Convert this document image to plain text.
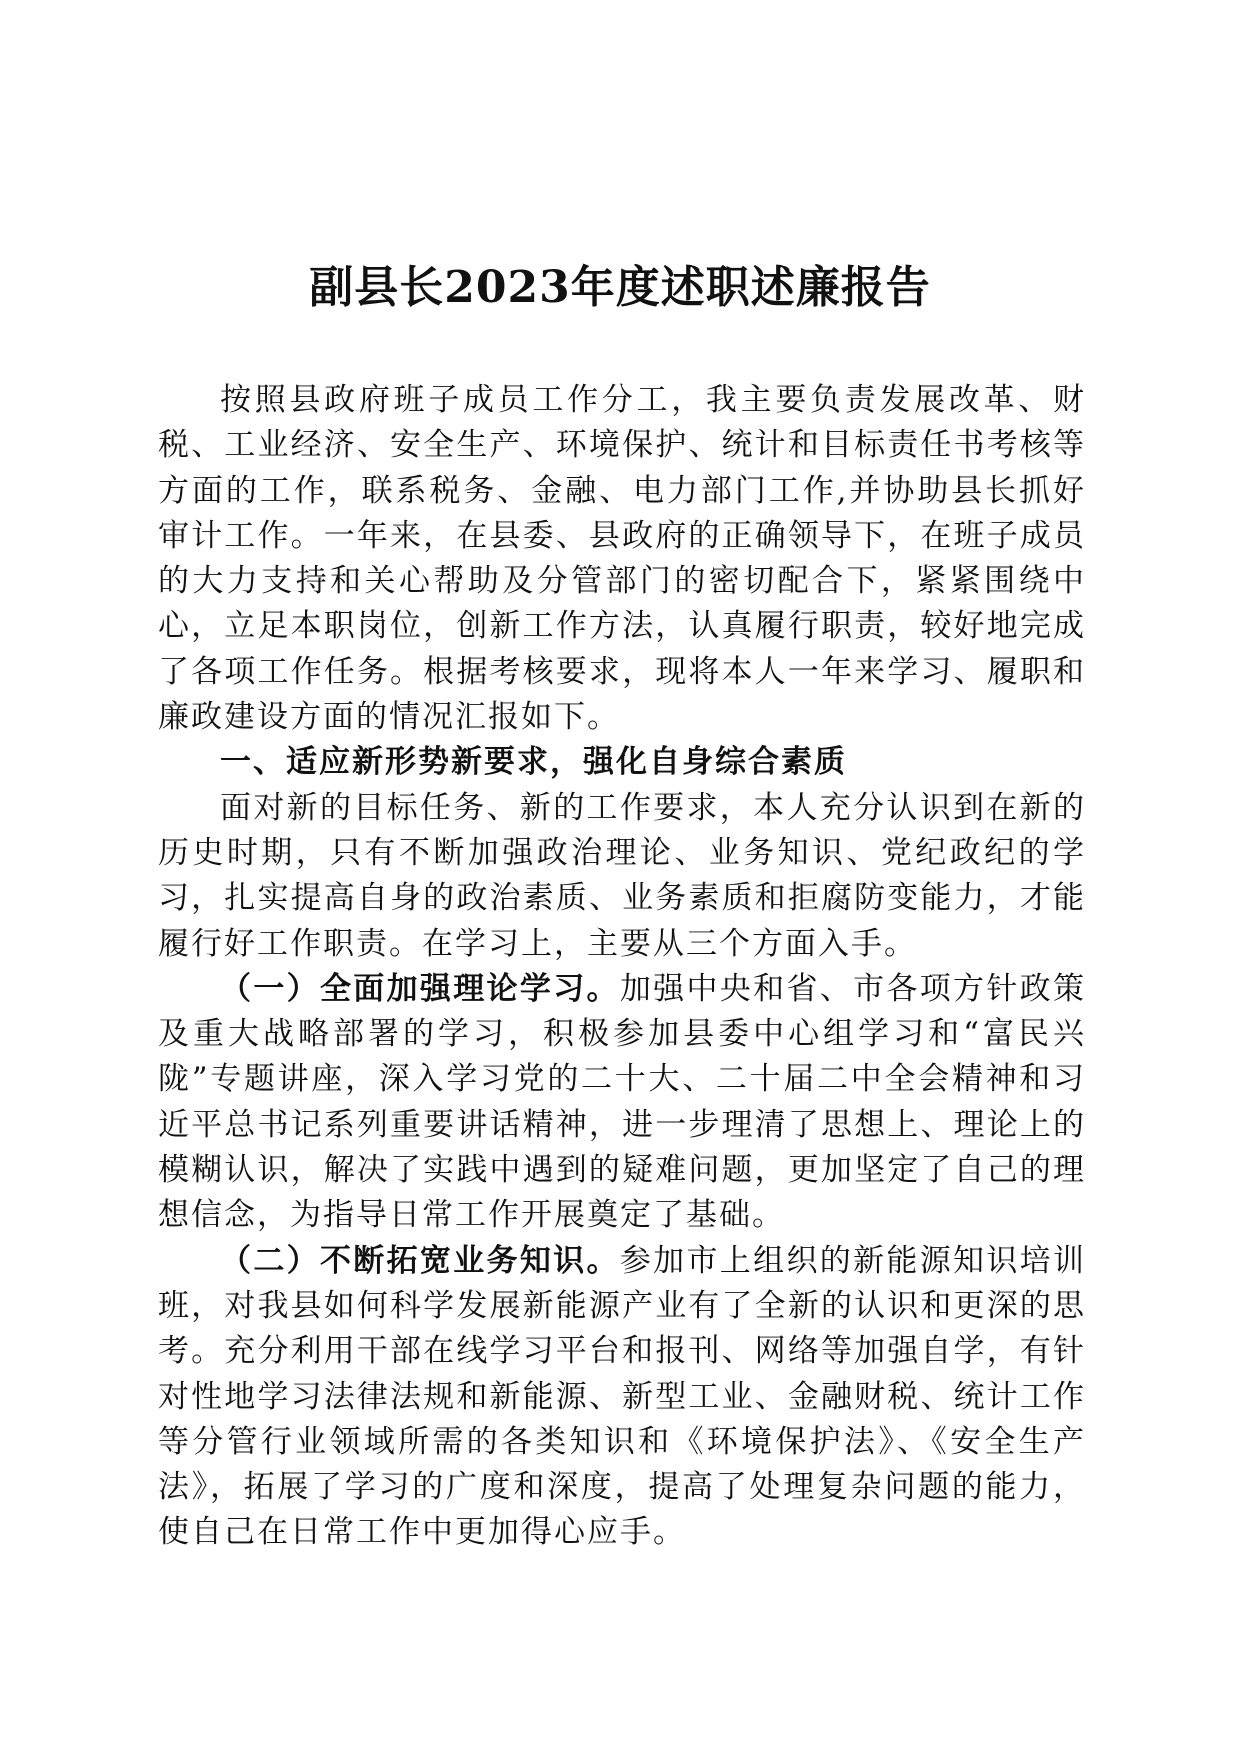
副县长2023年度述职述廉报告

按照县政府班子成员工作分工，我主要负责发展改革、财税、工业经济、安全生产、环境保护、统计和目标责任书考核等方面的工作，联系税务、金融、电力部门工作,并协助县长抓好审计工作。一年来，在县委、县政府的正确领导下，在班子成员的大力支持和关心帮助及分管部门的密切配合下，紧紧围绕中心，立足本职岗位，创新工作方法，认真履行职责，较好地完成了各项工作任务。根据考核要求，现将本人一年来学习、履职和廉政建设方面的情况汇报如下。

一、适应新形势新要求，强化自身综合素质

面对新的目标任务、新的工作要求，本人充分认识到在新的历史时期，只有不断加强政治理论、业务知识、党纪政纪的学习，扎实提高自身的政治素质、业务素质和拒腐防变能力，才能履行好工作职责。在学习上，主要从三个方面入手。

（一）全面加强理论学习。加强中央和省、市各项方针政策及重大战略部署的学习，积极参加县委中心组学习和“富民兴陇”专题讲座，深入学习党的二十大、二十届二中全会精神和习近平总书记系列重要讲话精神，进一步理清了思想上、理论上的模糊认识，解决了实践中遇到的疑难问题，更加坚定了自己的理想信念，为指导日常工作开展奠定了基础。

（二）不断拓宽业务知识。参加市上组织的新能源知识培训班，对我县如何科学发展新能源产业有了全新的认识和更深的思考。充分利用干部在线学习平台和报刊、网络等加强自学，有针对性地学习法律法规和新能源、新型工业、金融财税、统计工作等分管行业领域所需的各类知识和《环境保护法》、《安全生产法》，拓展了学习的广度和深度，提高了处理复杂问题的能力，使自己在日常工作中更加得心应手。
